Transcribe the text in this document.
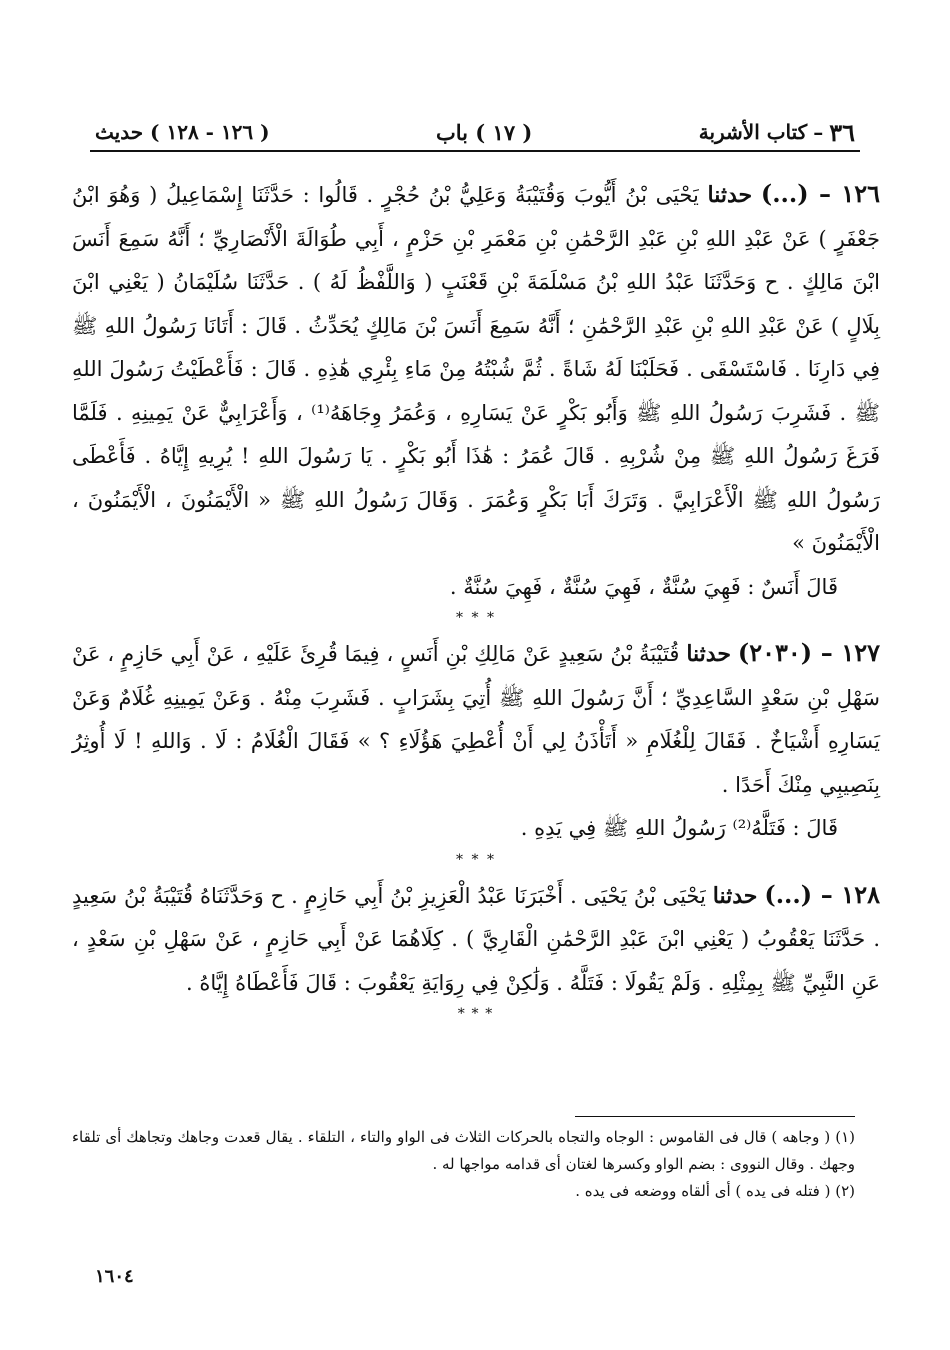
٣٦
–
كتاب الأشربة
( ١٧ ) باب
( ١٢٦ - ١٢٨ ) حديث

١٢٦ – (...) حدثنا يَحْيَى بْنُ أَيُّوبَ وَقُتَيْبَةُ وَعَلِيُّ بْنُ حُجْرٍ . قَالُوا : حَدَّثَنَا إِسْمَاعِيلُ ( وَهُوَ ابْنُ جَعْفَرٍ ) عَنْ عَبْدِ اللهِ بْنِ عَبْدِ الرَّحْمَٰنِ بْنِ مَعْمَرِ بْنِ حَزْمٍ ، أَبِي طُوَالَةَ الْأَنْصَارِيِّ ؛ أَنَّهُ سَمِعَ أَنَسَ ابْنَ مَالِكٍ . ح وَحَدَّثَنَا عَبْدُ اللهِ بْنُ مَسْلَمَةَ بْنِ قَعْنَبٍ ( وَاللَّفْظُ لَهُ ) . حَدَّثَنَا سُلَيْمَانُ ( يَعْنِي ابْنَ بِلَالٍ ) عَنْ عَبْدِ اللهِ بْنِ عَبْدِ الرَّحْمَٰنِ ؛ أَنَّهُ سَمِعَ أَنَسَ بْنَ مَالِكٍ يُحَدِّثُ . قَالَ : أَتَانَا رَسُولُ اللهِ ﷺ فِي دَارِنَا . فَاسْتَسْقَى . فَحَلَبْنَا لَهُ شَاةً . ثُمَّ شُبْتُهُ مِنْ مَاءِ بِئْرِي هَٰذِهِ . قَالَ : فَأَعْطَيْتُ رَسُولَ اللهِ ﷺ . فَشَرِبَ رَسُولُ اللهِ ﷺ وَأَبُو بَكْرٍ عَنْ يَسَارِهِ ، وَعُمَرُ وِجَاهَهُ⁽¹⁾ ، وَأَعْرَابِيٌّ عَنْ يَمِينِهِ . فَلَمَّا فَرَغَ رَسُولُ اللهِ ﷺ مِنْ شُرْبِهِ . قَالَ عُمَرُ : هَٰذَا أَبُو بَكْرٍ . يَا رَسُولَ اللهِ ! يُرِيهِ إِيَّاهُ . فَأَعْطَى رَسُولُ اللهِ ﷺ الْأَعْرَابِيَّ . وَتَرَكَ أَبَا بَكْرٍ وَعُمَرَ . وَقَالَ رَسُولُ اللهِ ﷺ « الْأَيْمَنُونَ ، الْأَيْمَنُونَ ، الْأَيْمَنُونَ »

قَالَ أَنَسٌ : فَهِيَ سُنَّةٌ ، فَهِيَ سُنَّةٌ ، فَهِيَ سُنَّةٌ .

* * *

١٢٧ – (٢٠٣٠) حدثنا قُتَيْبَةُ بْنُ سَعِيدٍ عَنْ مَالِكِ بْنِ أَنَسٍ ، فِيمَا قُرِئَ عَلَيْهِ ، عَنْ أَبِي حَازِمٍ ، عَنْ سَهْلِ بْنِ سَعْدٍ السَّاعِدِيِّ ؛ أَنَّ رَسُولَ اللهِ ﷺ أُتِيَ بِشَرَابٍ . فَشَرِبَ مِنْهُ . وَعَنْ يَمِينِهِ غُلَامٌ وَعَنْ يَسَارِهِ أَشْيَاخٌ . فَقَالَ لِلْغُلَامِ « أَتَأْذَنُ لِي أَنْ أُعْطِيَ هَؤُلَاءِ ؟ » فَقَالَ الْغُلَامُ : لَا . وَاللهِ ! لَا أُوثِرُ بِنَصِيبِي مِنْكَ أَحَدًا .

قَالَ : فَتَلَّهُ⁽²⁾ رَسُولُ اللهِ ﷺ فِي يَدِهِ .

* * *

١٢٨ – (...) حدثنا يَحْيَى بْنُ يَحْيَى . أَخْبَرَنَا عَبْدُ الْعَزِيزِ بْنُ أَبِي حَازِمٍ . ح وَحَدَّثَنَاهُ قُتَيْبَةُ بْنُ سَعِيدٍ . حَدَّثَنَا يَعْقُوبُ ( يَعْنِي ابْنَ عَبْدِ الرَّحْمَٰنِ الْقَارِيَّ ) . كِلَاهُمَا عَنْ أَبِي حَازِمٍ ، عَنْ سَهْلِ بْنِ سَعْدٍ ، عَنِ النَّبِيِّ ﷺ بِمِثْلِهِ . وَلَمْ يَقُولَا : فَتَلَّهُ . وَلَٰكِنْ فِي رِوَايَةِ يَعْقُوبَ : قَالَ فَأَعْطَاهُ إِيَّاهُ .

* * *

(١) ( وجاهه ) قال فى القاموس : الوجاه والتجاه بالحركات الثلاث فى الواو والتاء ، التلقاء . يقال قعدت وجاهك وتجاهك أى تلقاء وجهك . وقال النووى : بضم الواو وكسرها لغتان أى قدامه مواجها له .

(٢) ( فتله فى يده ) أى ألقاه ووضعه فى يده .

١٦٠٤
